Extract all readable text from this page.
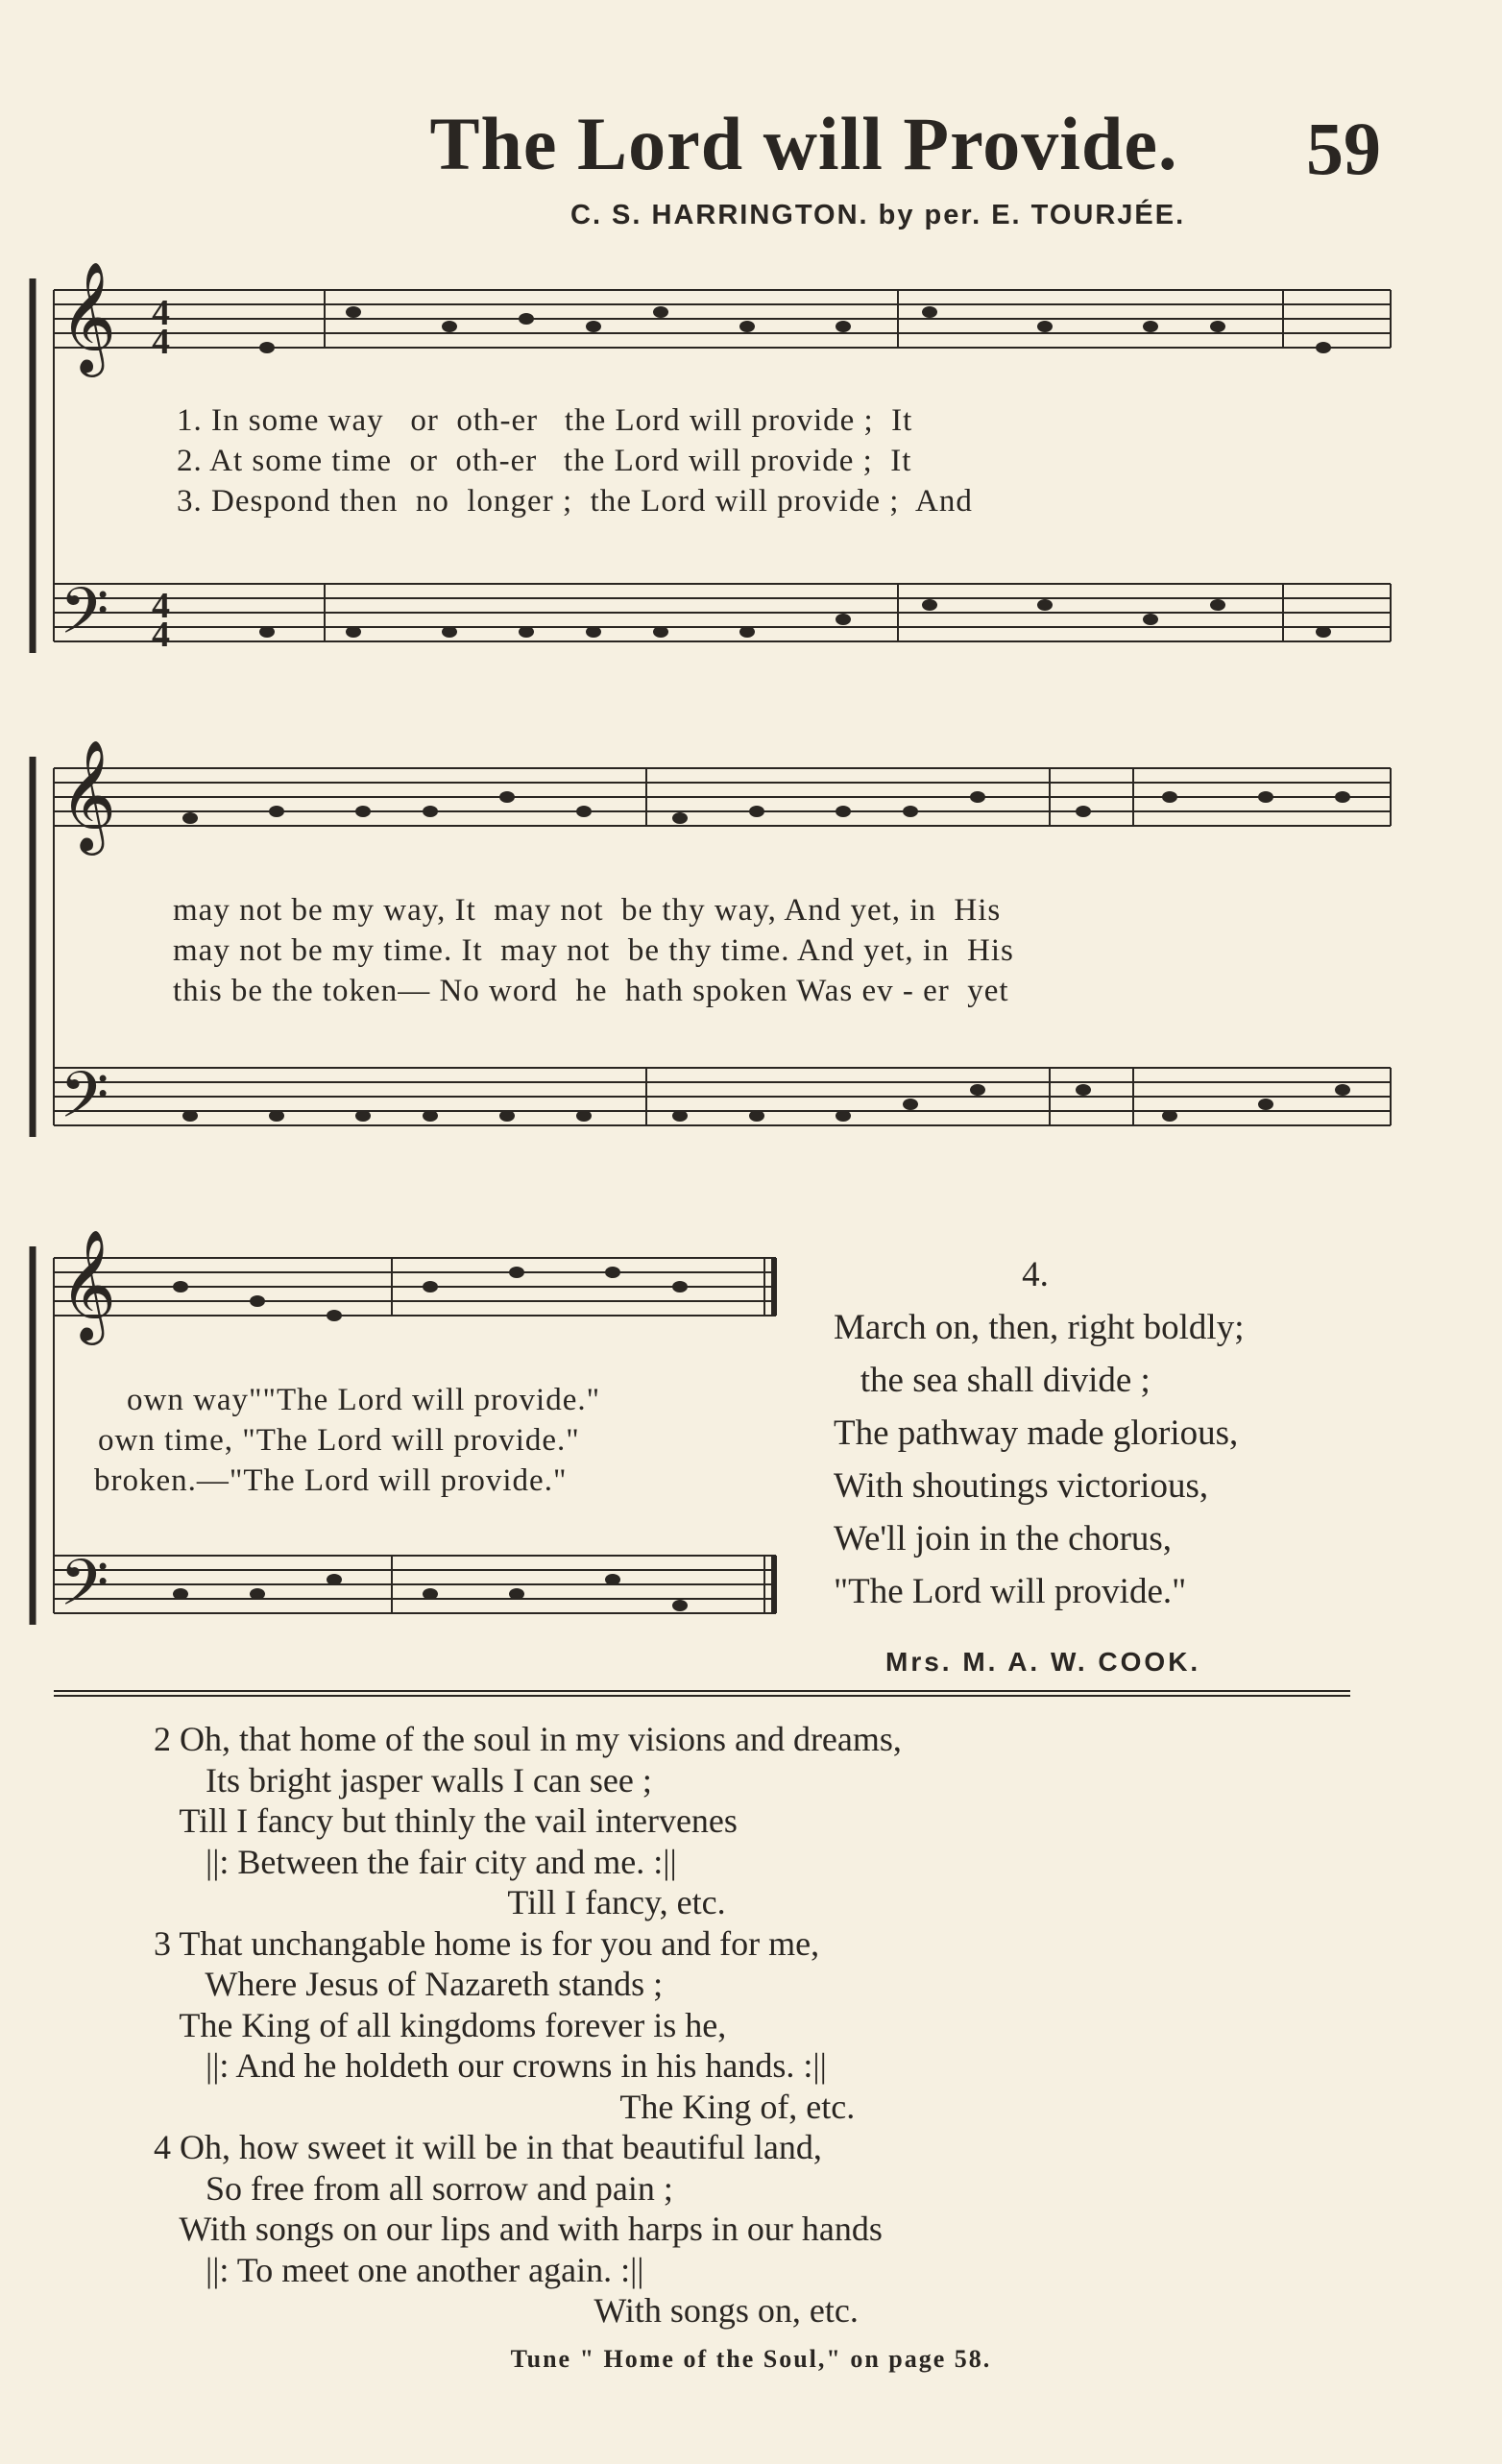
The Lord will Provide.	59
C. S. HARRINGTON. by per. E. TOURJÉE.
𝄞
𝄢
4
4
4
4
1. In some way   or  oth-er   the Lord will provide ;  It
2. At some time  or  oth-er   the Lord will provide ;  It
3. Despond then  no  longer ;  the Lord will provide ;  And
𝄞
𝄢
may not be my way, It  may not  be thy way, And yet, in  His
may not be my time. It  may not  be thy time. And yet, in  His
this be the token— No word  he  hath spoken Was ev - er  yet
𝄞
𝄢
own way""The Lord will provide."
own time, "The Lord will provide."
broken.—"The Lord will provide."
4.
March on, then, right boldly;
the sea shall divide ;
The pathway made glorious,
With shoutings victorious,
We'll join in the chorus,
"The Lord will provide."
Mrs. M. A. W. COOK.
2 Oh, that home of the soul in my visions and dreams,
Its bright jasper walls I can see ;
Till I fancy but thinly the vail intervenes
||: Between the fair city and me. :||
Till I fancy, etc.
3 That unchangable home is for you and for me,
Where Jesus of Nazareth stands ;
The King of all kingdoms forever is he,
||: And he holdeth our crowns in his hands. :||
The King of, etc.
4 Oh, how sweet it will be in that beautiful land,
So free from all sorrow and pain ;
With songs on our lips and with harps in our hands
||: To meet one another again. :||
With songs on, etc.
Tune " Home of the Soul," on page 58.
